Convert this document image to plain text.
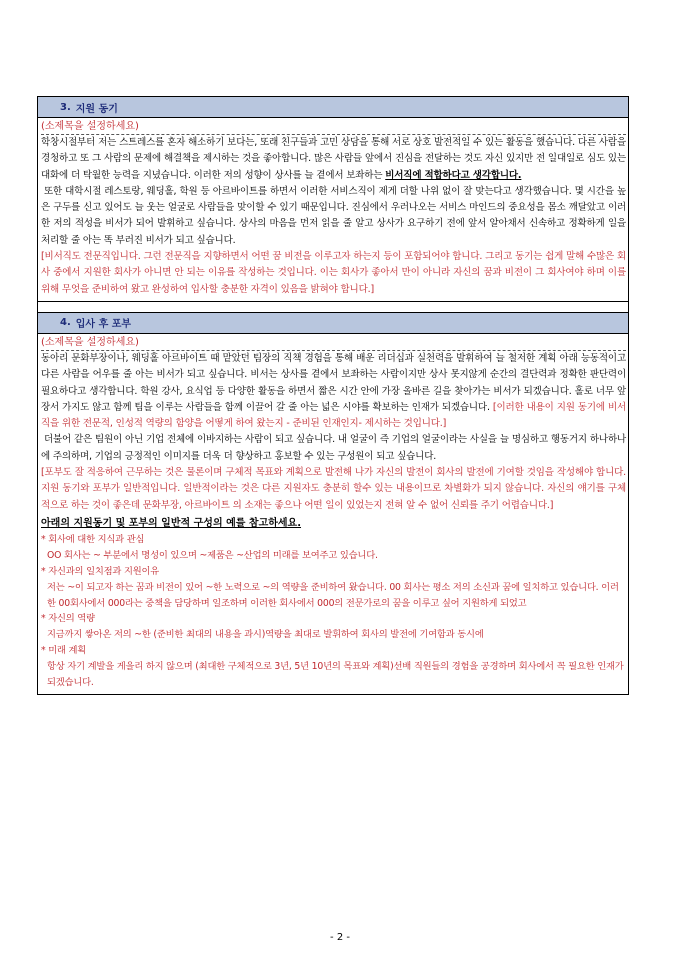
3. 지원 동기
(소제목을 설정하세요)

학창시절부터 저는 스트레스를 혼자 해소하기 보다는, 또래 친구들과 고민 상담을 통해 서로 상호 발전적일 수 있는 활동을 했습니다. 다른 사람을 경청하고 또 그 사람의 문제에 해결책을 제시하는 것을 좋아합니다. 많은 사람들 앞에서 진심을 전달하는 것도 자신 있지만 전 일대일로 심도 있는 대화에 더 탁월한 능력을 지녔습니다. 이러한 저의 성향이 상사를 늘 곁에서 보좌하는 비서직에 적합하다고 생각합니다.

또한 대학시절 레스토랑, 웨딩홀, 학원 등 아르바이트를 하면서 이러한 서비스직이 제게 더할 나위 없이 잘 맞는다고 생각했습니다. 몇 시간을 높은 구두를 신고 있어도 늘 웃는 얼굴로 사람들을 맞이할 수 있기 때문입니다. 진심에서 우러나오는 서비스 마인드의 중요성을 몸소 깨달았고 이러한 저의 적성을 비서가 되어 발휘하고 싶습니다. 상사의 마음을 먼저 읽을 줄 알고 상사가 요구하기 전에 앞서 알아채서 신속하고 정확하게 일을 처리할 줄 아는 똑 부러진 비서가 되고 싶습니다.

[비서직도 전문직입니다. 그런 전문직을 지향하면서 어떤 꿈 비전을 이루고자 하는지 등이 포함되어야 합니다. 그리고 동기는 쉽게 말해 수많은 회사 중에서 지원한 회사가 아니면 안 되는 이유를 작성하는 것입니다. 이는 회사가 좋아서 만이 아니라 자신의 꿈과 비전이 그 회사여야 하며 이를 위해 무엇을 준비하여 왔고 완성하여 입사할 충분한 자격이 있음을 밝혀야 합니다.]

4. 입사 후 포부
(소제목을 설정하세요)

동아리 문화부장이나, 웨딩홀 아르바이트 때 맡았던 팀장의 직책 경험을 통해 배운 리더십과 실천력을 발휘하여 늘 철저한 계획 아래 능동적이고 다른 사람을 어우를 줄 아는 비서가 되고 싶습니다. 비서는 상사를 곁에서 보좌하는 사람이지만 상사 못지않게 순간의 결단력과 정확한 판단력이 필요하다고 생각합니다. 학원 강사, 요식업 등 다양한 활동을 하면서 짧은 시간 안에 가장 올바른 길을 찾아가는 비서가 되겠습니다. 홀로 너무 앞장서 가지도 않고 함께 팀을 이루는 사람들을 함께 이끌어 갈 줄 아는 넓은 시야를 확보하는 인재가 되겠습니다. [이러한 내용이 지원 동기에 비서직을 위한 전문적, 인성적 역량의 함양을 어떻게 하여 왔는지 - 준비된 인재인지- 제시하는 것입니다.]

더불어 같은 팀원이 아닌 기업 전체에 이바지하는 사람이 되고 싶습니다. 내 얼굴이 즉 기업의 얼굴이라는 사실을 늘 명심하고 행동거지 하나하나에 주의하며, 기업의 긍정적인 이미지를 더욱 더 향상하고 홍보할 수 있는 구성원이 되고 싶습니다.

[포부도 잘 적응하여 근무하는 것은 물론이며 구체적 목표와 계획으로 발전해 나가 자신의 발전이 회사의 발전에 기여할 것임을 작성해야 합니다. 지원 동기와 포부가 일반적입니다. 일반적이라는 것은 다른 지원자도 충분히 할수 있는 내용이므로 차별화가 되지 않습니다. 자신의 얘기를 구체적으로 하는 것이 좋은데 문화부장, 아르바이트 의 소재는 좋으나 어떤 일이 있었는지 전혀 알 수 없어 신뢰를 주기 어렵습니다.]

아래의 지원동기 및 포부의 일반적 구성의 예를 참고하세요.
* 회사에 대한 지식과 관심
OO 회사는 ~ 부분에서 명성이 있으며 ~제품은 ~산업의 미래를 보여주고 있습니다.
* 자신과의 일치점과 지원이유
저는 ~이 되고자 하는 꿈과 비전이 있어 ~한 노력으로 ~의 역량을 준비하여 왔습니다. 00 회사는 평소 저의 소신과 꿈에 일치하고 있습니다. 이러한 00회사에서 000라는 중책을 담당하며 일조하며 이러한 회사에서 000의 전문가로의 꿈을 이루고 싶어 지원하게 되었고
* 자신의 역량
지금까지 쌓아온 저의 ~한 (준비한 최대의 내용을 과시)역량을 최대로 발휘하여 회사의 발전에 기여함과 동시에
* 미래 계획
항상 자기 계발을 게을리 하지 않으며 (최대한 구체적으로 3년, 5년 10년의 목표와 계획)선배 직원들의 경험을 공경하며 회사에서 꼭 필요한 인재가 되겠습니다.
- 2 -
